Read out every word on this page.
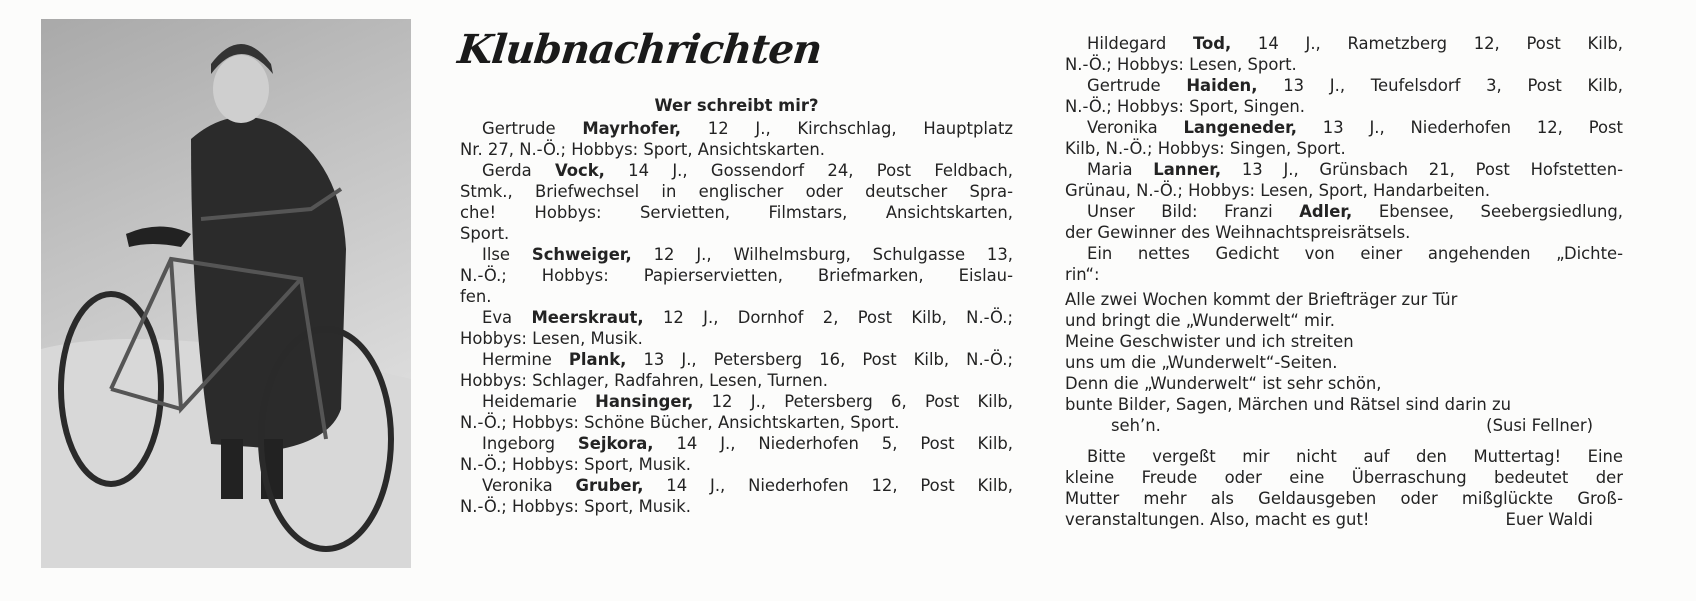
Klubnachrichten
Wer schreibt mir?
Gertrude Mayrhofer, 12 J., Kirchschlag, Hauptplatz
Nr. 27, N.-Ö.; Hobbys: Sport, Ansichtskarten.
Gerda Vock, 14 J., Gossendorf 24, Post Feldbach,
Stmk., Briefwechsel in englischer oder deutscher Spra-
che! Hobbys: Servietten, Filmstars, Ansichtskarten,
Sport.
Ilse Schweiger, 12 J., Wilhelmsburg, Schulgasse 13,
N.-Ö.; Hobbys: Papierservietten, Briefmarken, Eislau-
fen.
Eva Meerskraut, 12 J., Dornhof 2, Post Kilb, N.-Ö.;
Hobbys: Lesen, Musik.
Hermine Plank, 13 J., Petersberg 16, Post Kilb, N.-Ö.;
Hobbys: Schlager, Radfahren, Lesen, Turnen.
Heidemarie Hansinger, 12 J., Petersberg 6, Post Kilb,
N.-Ö.; Hobbys: Schöne Bücher, Ansichtskarten, Sport.
Ingeborg Sejkora, 14 J., Niederhofen 5, Post Kilb,
N.-Ö.; Hobbys: Sport, Musik.
Veronika Gruber, 14 J., Niederhofen 12, Post Kilb,
N.-Ö.; Hobbys: Sport, Musik.
Hildegard Tod, 14 J., Rametzberg 12, Post Kilb,
N.-Ö.; Hobbys: Lesen, Sport.
Gertrude Haiden, 13 J., Teufelsdorf 3, Post Kilb,
N.-Ö.; Hobbys: Sport, Singen.
Veronika Langeneder, 13 J., Niederhofen 12, Post
Kilb, N.-Ö.; Hobbys: Singen, Sport.
Maria Lanner, 13 J., Grünsbach 21, Post Hofstetten-
Grünau, N.-Ö.; Hobbys: Lesen, Sport, Handarbeiten.
Unser Bild: Franzi Adler, Ebensee, Seebergsiedlung,
der Gewinner des Weihnachtspreisrätsels.
Ein nettes Gedicht von einer angehenden „Dichte-
rin“:
Alle zwei Wochen kommt der Briefträger zur Tür
und bringt die „Wunderwelt“ mir.
Meine Geschwister und ich streiten
uns um die „Wunderwelt“-Seiten.
Denn die „Wunderwelt“ ist sehr schön,
bunte Bilder, Sagen, Märchen und Rätsel sind darin zu
seh’n.	(Susi Fellner)
Bitte vergeßt mir nicht auf den Muttertag! Eine
kleine Freude oder eine Überraschung bedeutet der
Mutter mehr als Geldausgeben oder mißglückte Groß-
veranstaltungen. Also, macht es gut!	Euer Waldi
